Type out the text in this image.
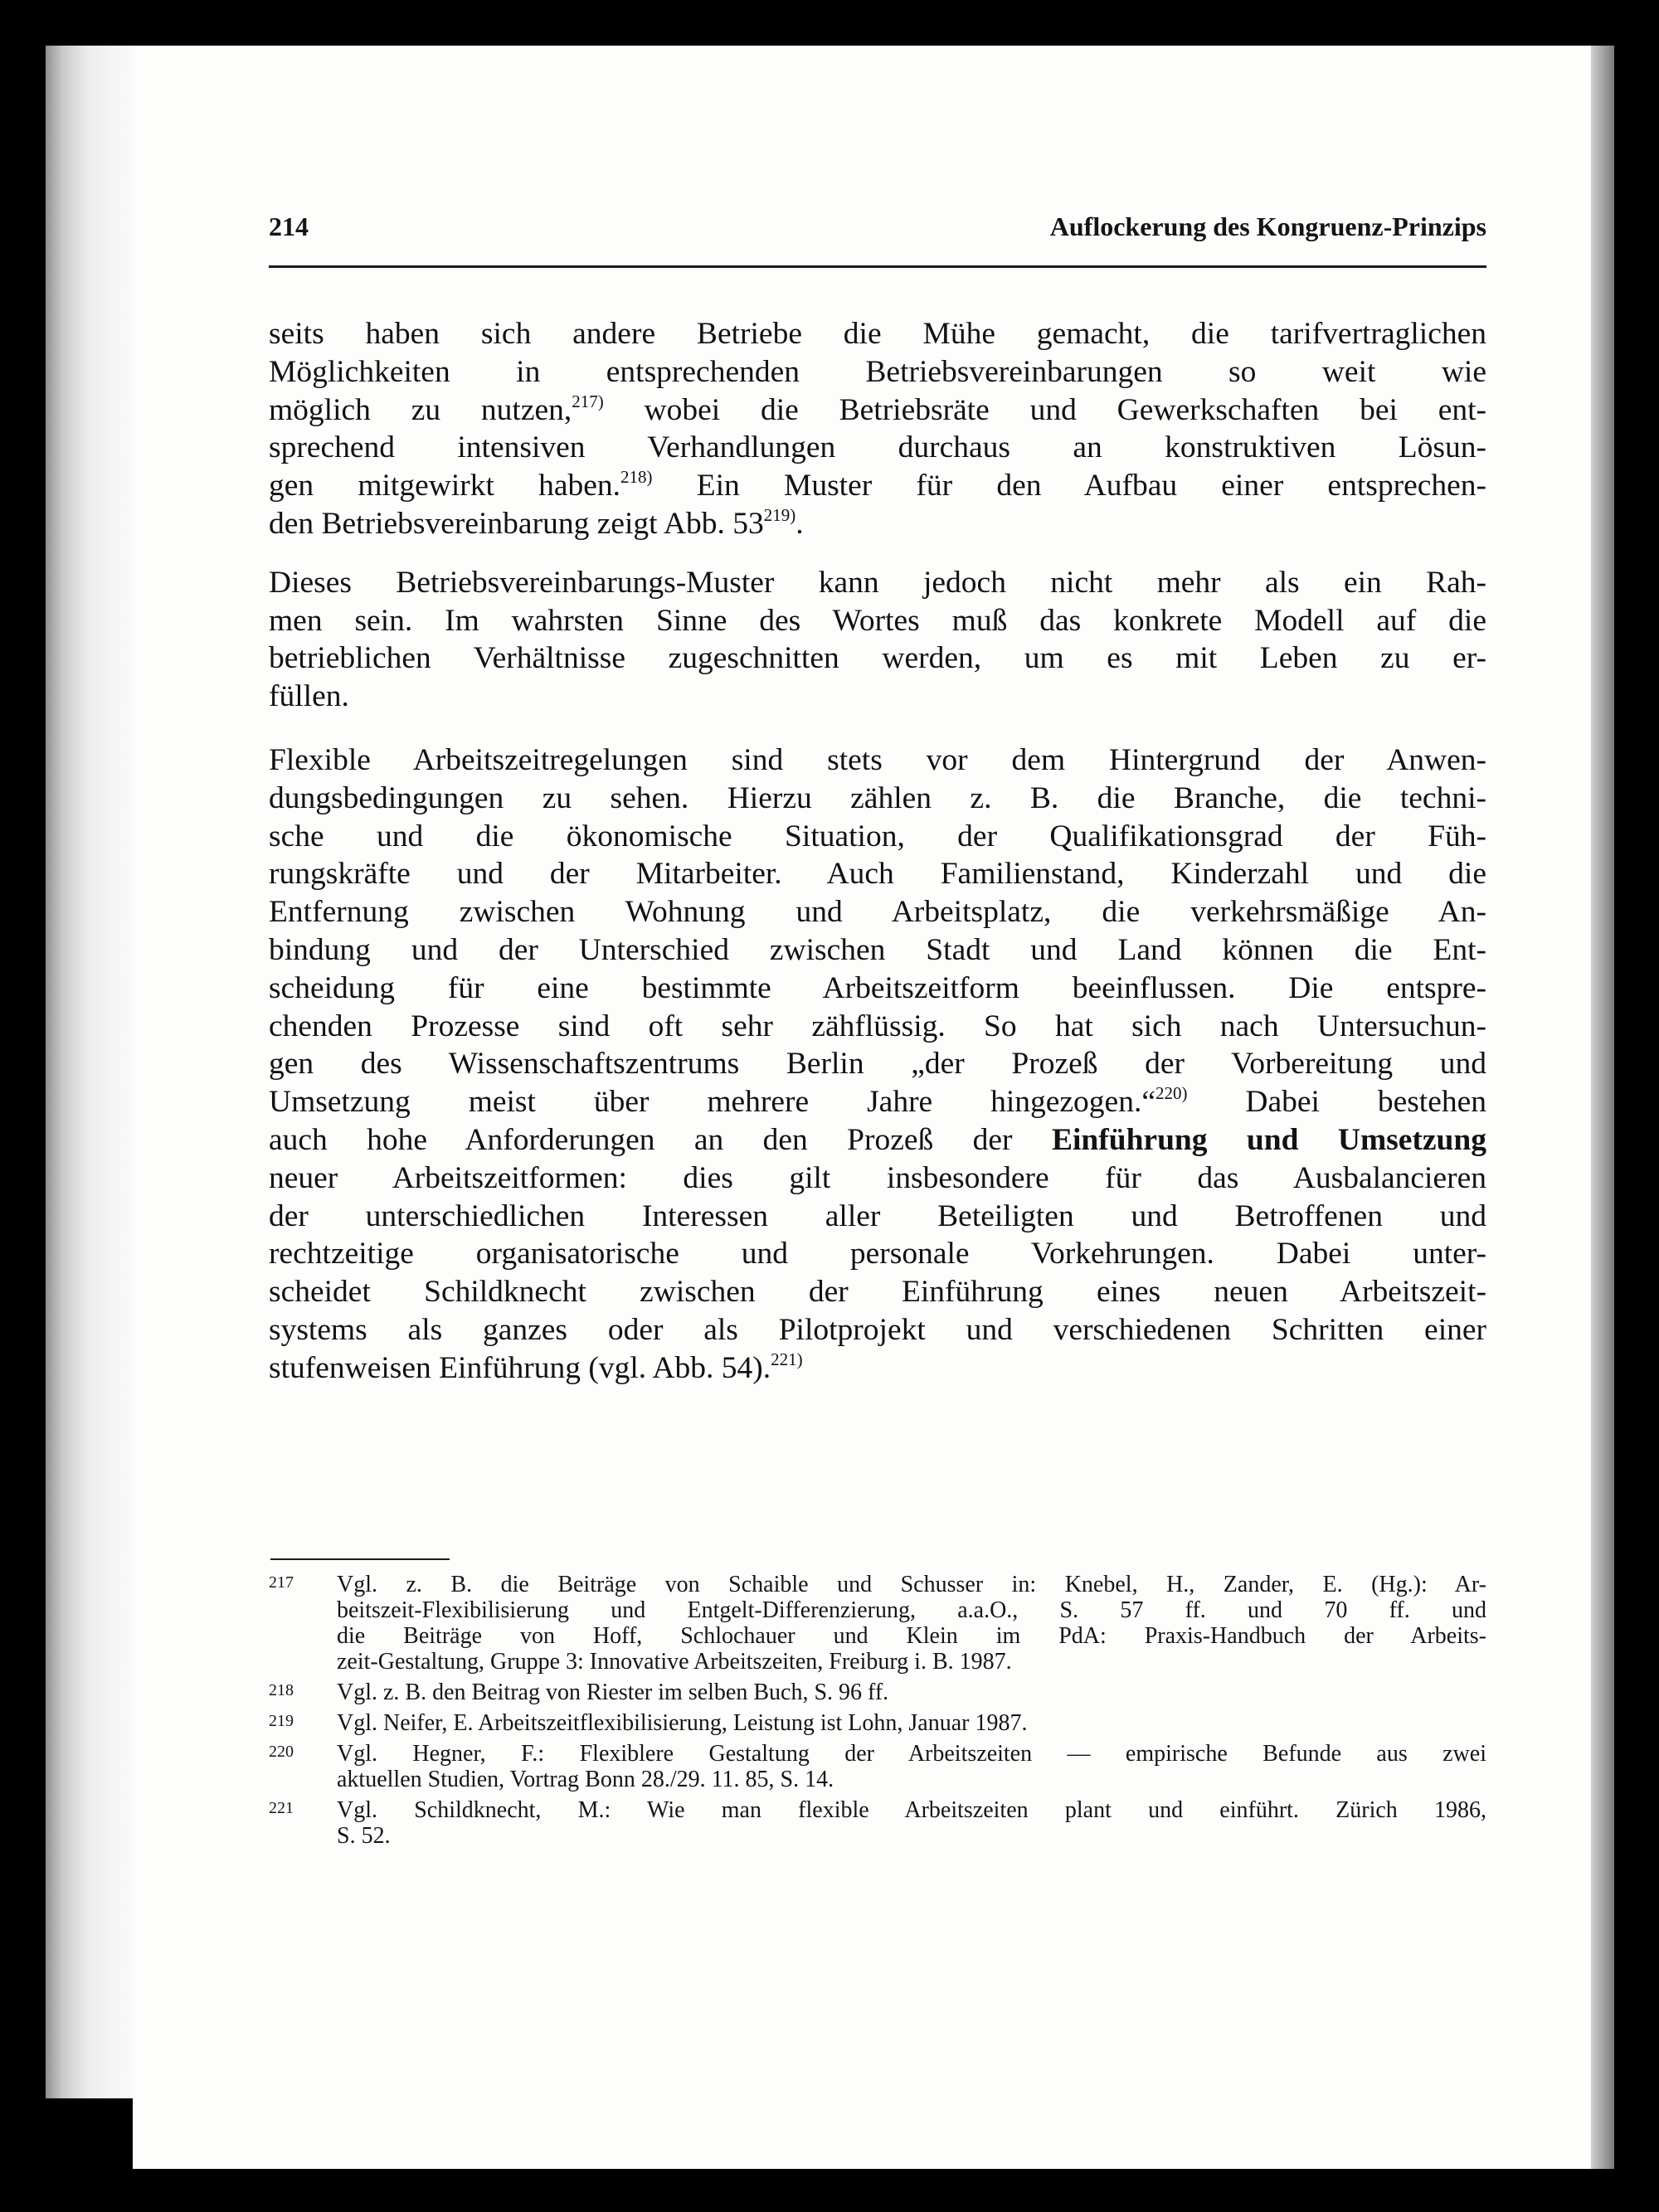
214	Auflockerung des Kongruenz-Prinzips

seits haben sich andere Betriebe die Mühe gemacht, die tarifvertraglichen
Möglichkeiten in entsprechenden Betriebsvereinbarungen so weit wie
möglich zu nutzen,$^{217)}$ wobei die Betriebsräte und Gewerkschaften bei ent-
sprechend intensiven Verhandlungen durchaus an konstruktiven Lösun-
gen mitgewirkt haben.$^{218)}$ Ein Muster für den Aufbau einer entsprechen-
den Betriebsvereinbarung zeigt Abb. 53$^{219)}$.

Dieses Betriebsvereinbarungs-Muster kann jedoch nicht mehr als ein Rah-
men sein. Im wahrsten Sinne des Wortes muß das konkrete Modell auf die
betrieblichen Verhältnisse zugeschnitten werden, um es mit Leben zu er-
füllen.

Flexible Arbeitszeitregelungen sind stets vor dem Hintergrund der Anwen-
dungsbedingungen zu sehen. Hierzu zählen z. B. die Branche, die techni-
sche und die ökonomische Situation, der Qualifikationsgrad der Füh-
rungskräfte und der Mitarbeiter. Auch Familienstand, Kinderzahl und die
Entfernung zwischen Wohnung und Arbeitsplatz, die verkehrsmäßige An-
bindung und der Unterschied zwischen Stadt und Land können die Ent-
scheidung für eine bestimmte Arbeitszeitform beeinflussen. Die entspre-
chenden Prozesse sind oft sehr zähflüssig. So hat sich nach Untersuchun-
gen des Wissenschaftszentrums Berlin „der Prozeß der Vorbereitung und
Umsetzung meist über mehrere Jahre hingezogen.“$^{220)}$ Dabei bestehen
auch hohe Anforderungen an den Prozeß der Einführung und Umsetzung
neuer Arbeitszeitformen: dies gilt insbesondere für das Ausbalancieren
der unterschiedlichen Interessen aller Beteiligten und Betroffenen und
rechtzeitige organisatorische und personale Vorkehrungen. Dabei unter-
scheidet Schildknecht zwischen der Einführung eines neuen Arbeitszeit-
systems als ganzes oder als Pilotprojekt und verschiedenen Schritten einer
stufenweisen Einführung (vgl. Abb. 54).$^{221)}$

217 Vgl. z. B. die Beiträge von Schaible und Schusser in: Knebel, H., Zander, E. (Hg.): Ar-
beitszeit-Flexibilisierung und Entgelt-Differenzierung, a.a.O., S. 57 ff. und 70 ff. und
die Beiträge von Hoff, Schlochauer und Klein im PdA: Praxis-Handbuch der Arbeits-
zeit-Gestaltung, Gruppe 3: Innovative Arbeitszeiten, Freiburg i. B. 1987.
218 Vgl. z. B. den Beitrag von Riester im selben Buch, S. 96 ff.
219 Vgl. Neifer, E. Arbeitszeitflexibilisierung, Leistung ist Lohn, Januar 1987.
220 Vgl. Hegner, F.: Flexiblere Gestaltung der Arbeitszeiten — empirische Befunde aus zwei
aktuellen Studien, Vortrag Bonn 28./29. 11. 85, S. 14.
221 Vgl. Schildknecht, M.: Wie man flexible Arbeitszeiten plant und einführt. Zürich 1986,
S. 52.
